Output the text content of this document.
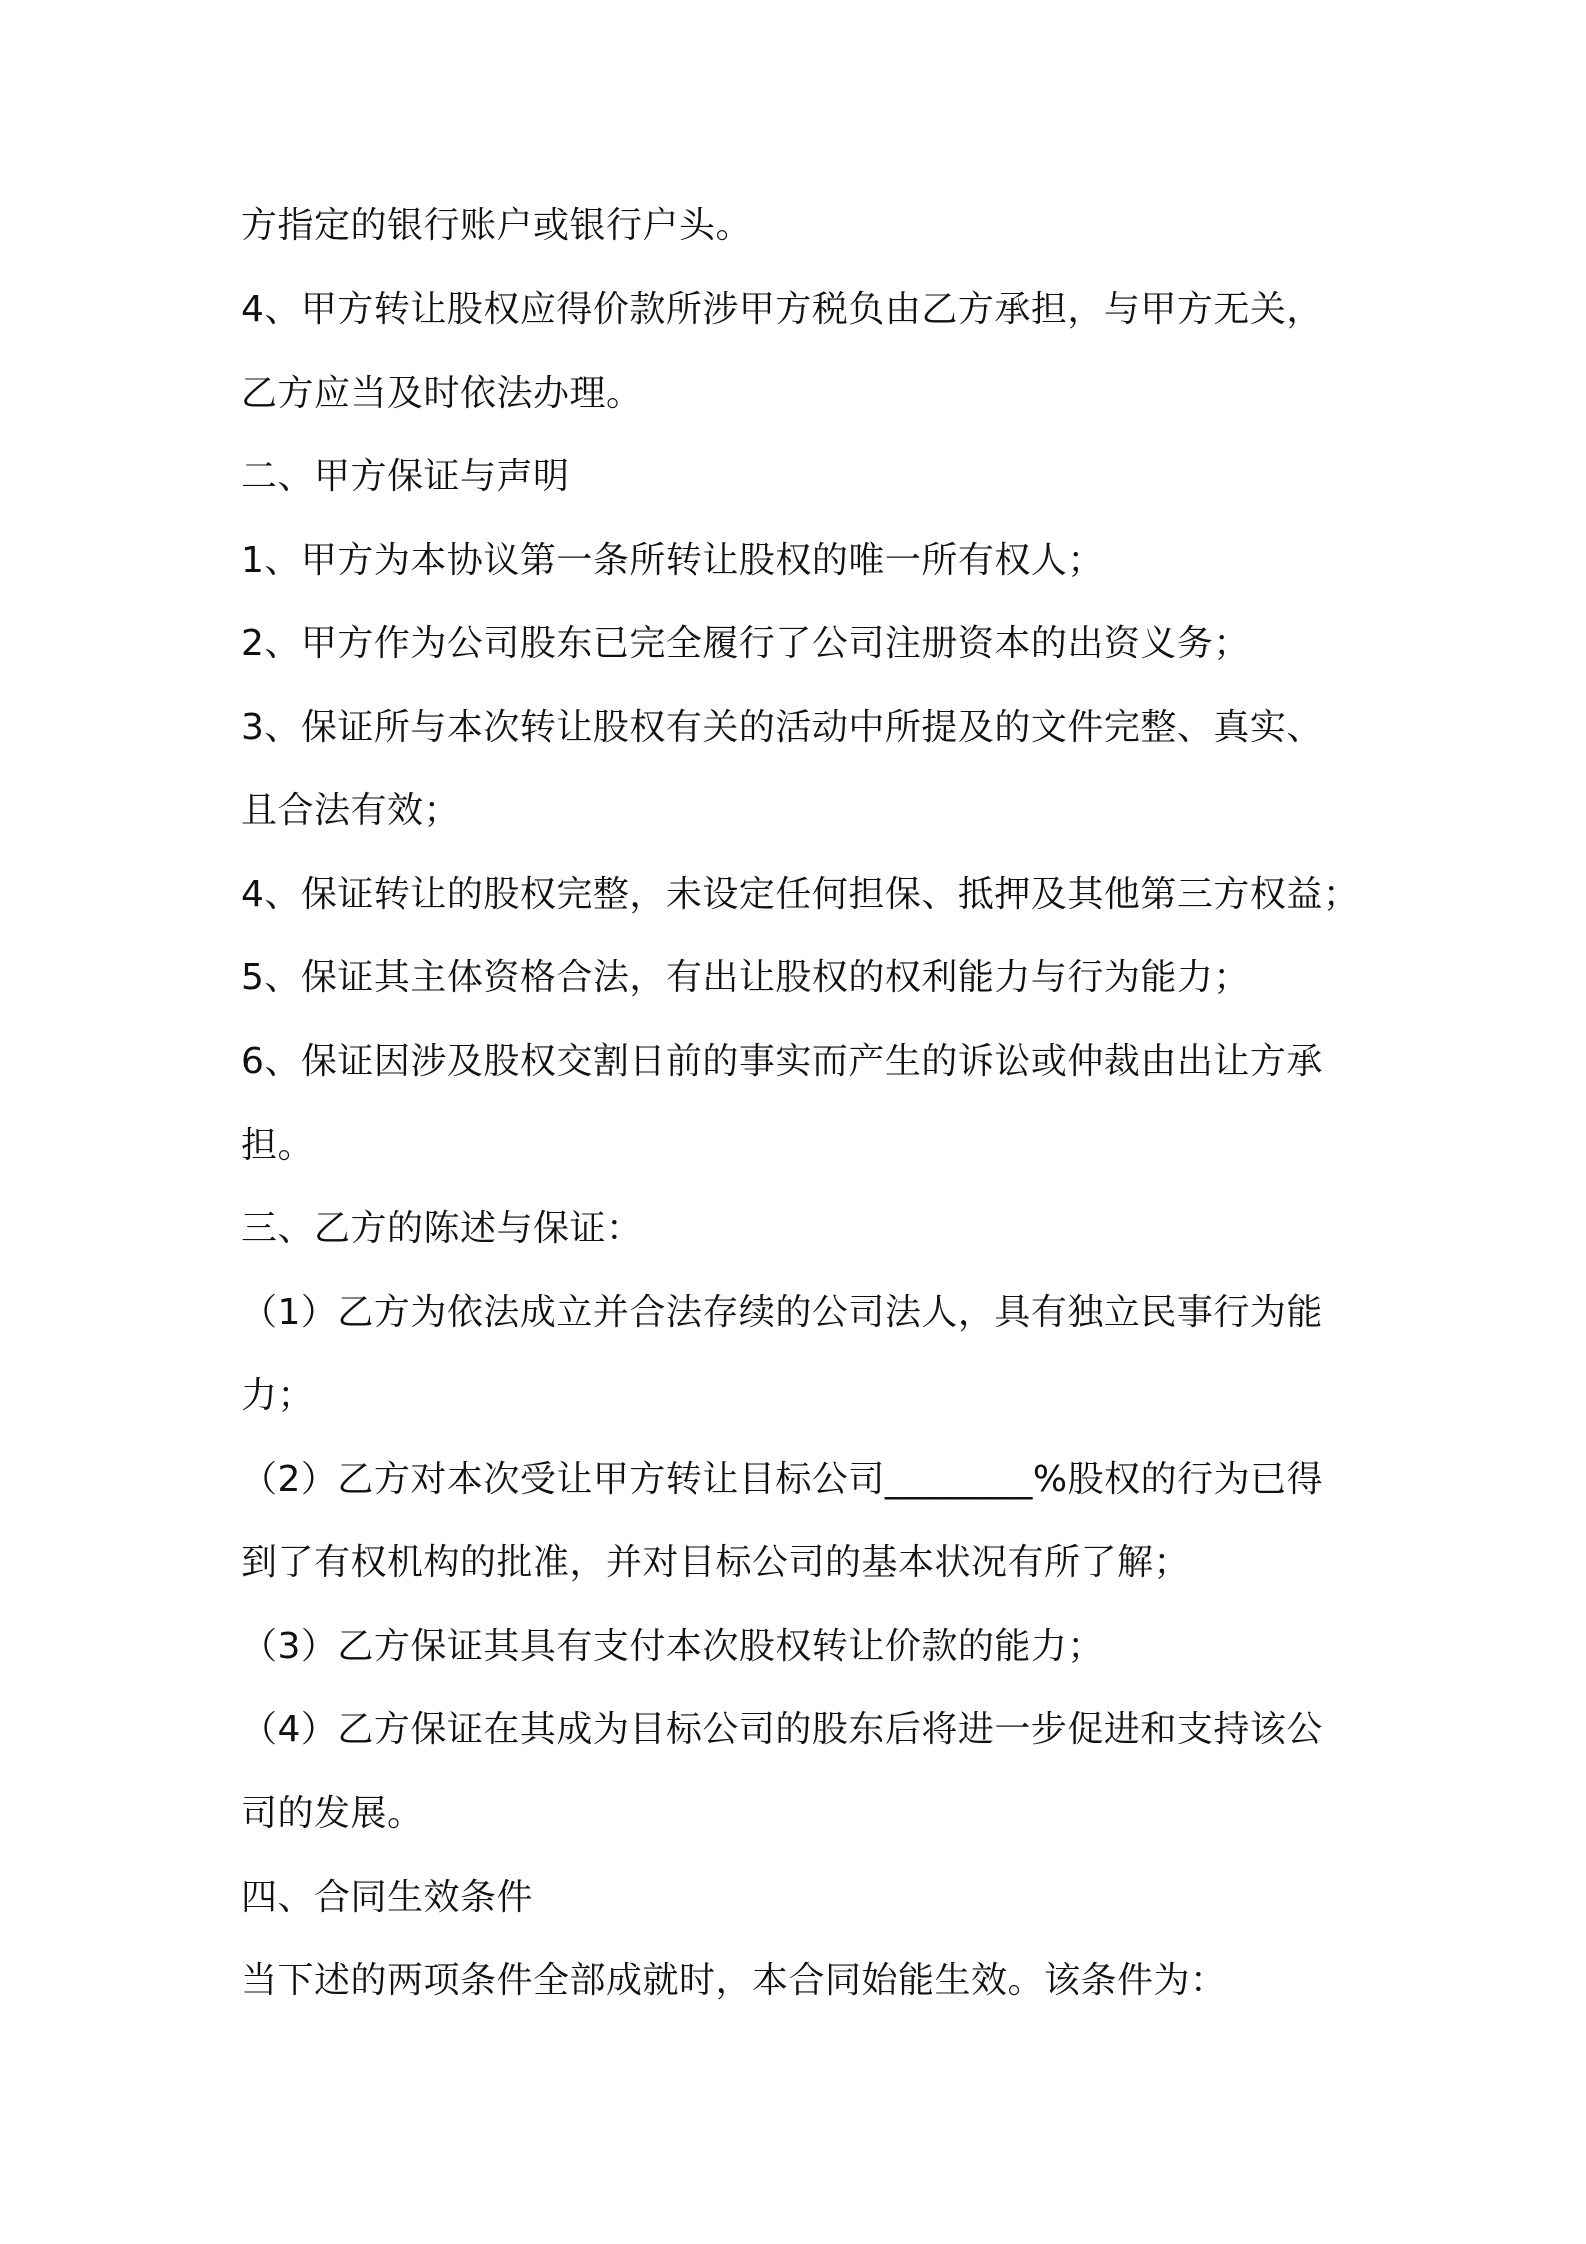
方指定的银行账户或银行户头。
4、甲方转让股权应得价款所涉甲方税负由乙方承担，与甲方无关，
乙方应当及时依法办理。
二、甲方保证与声明
1、甲方为本协议第一条所转让股权的唯一所有权人；
2、甲方作为公司股东已完全履行了公司注册资本的出资义务；
3、保证所与本次转让股权有关的活动中所提及的文件完整、真实、
且合法有效；
4、保证转让的股权完整，未设定任何担保、抵押及其他第三方权益；
5、保证其主体资格合法，有出让股权的权利能力与行为能力；
6、保证因涉及股权交割日前的事实而产生的诉讼或仲裁由出让方承
担。
三、乙方的陈述与保证：
（1）乙方为依法成立并合法存续的公司法人，具有独立民事行为能
力；
（2）乙方对本次受让甲方转让目标公司________%股权的行为已得
到了有权机构的批准，并对目标公司的基本状况有所了解；
（3）乙方保证其具有支付本次股权转让价款的能力；
（4）乙方保证在其成为目标公司的股东后将进一步促进和支持该公
司的发展。
四、合同生效条件
当下述的两项条件全部成就时，本合同始能生效。该条件为：
